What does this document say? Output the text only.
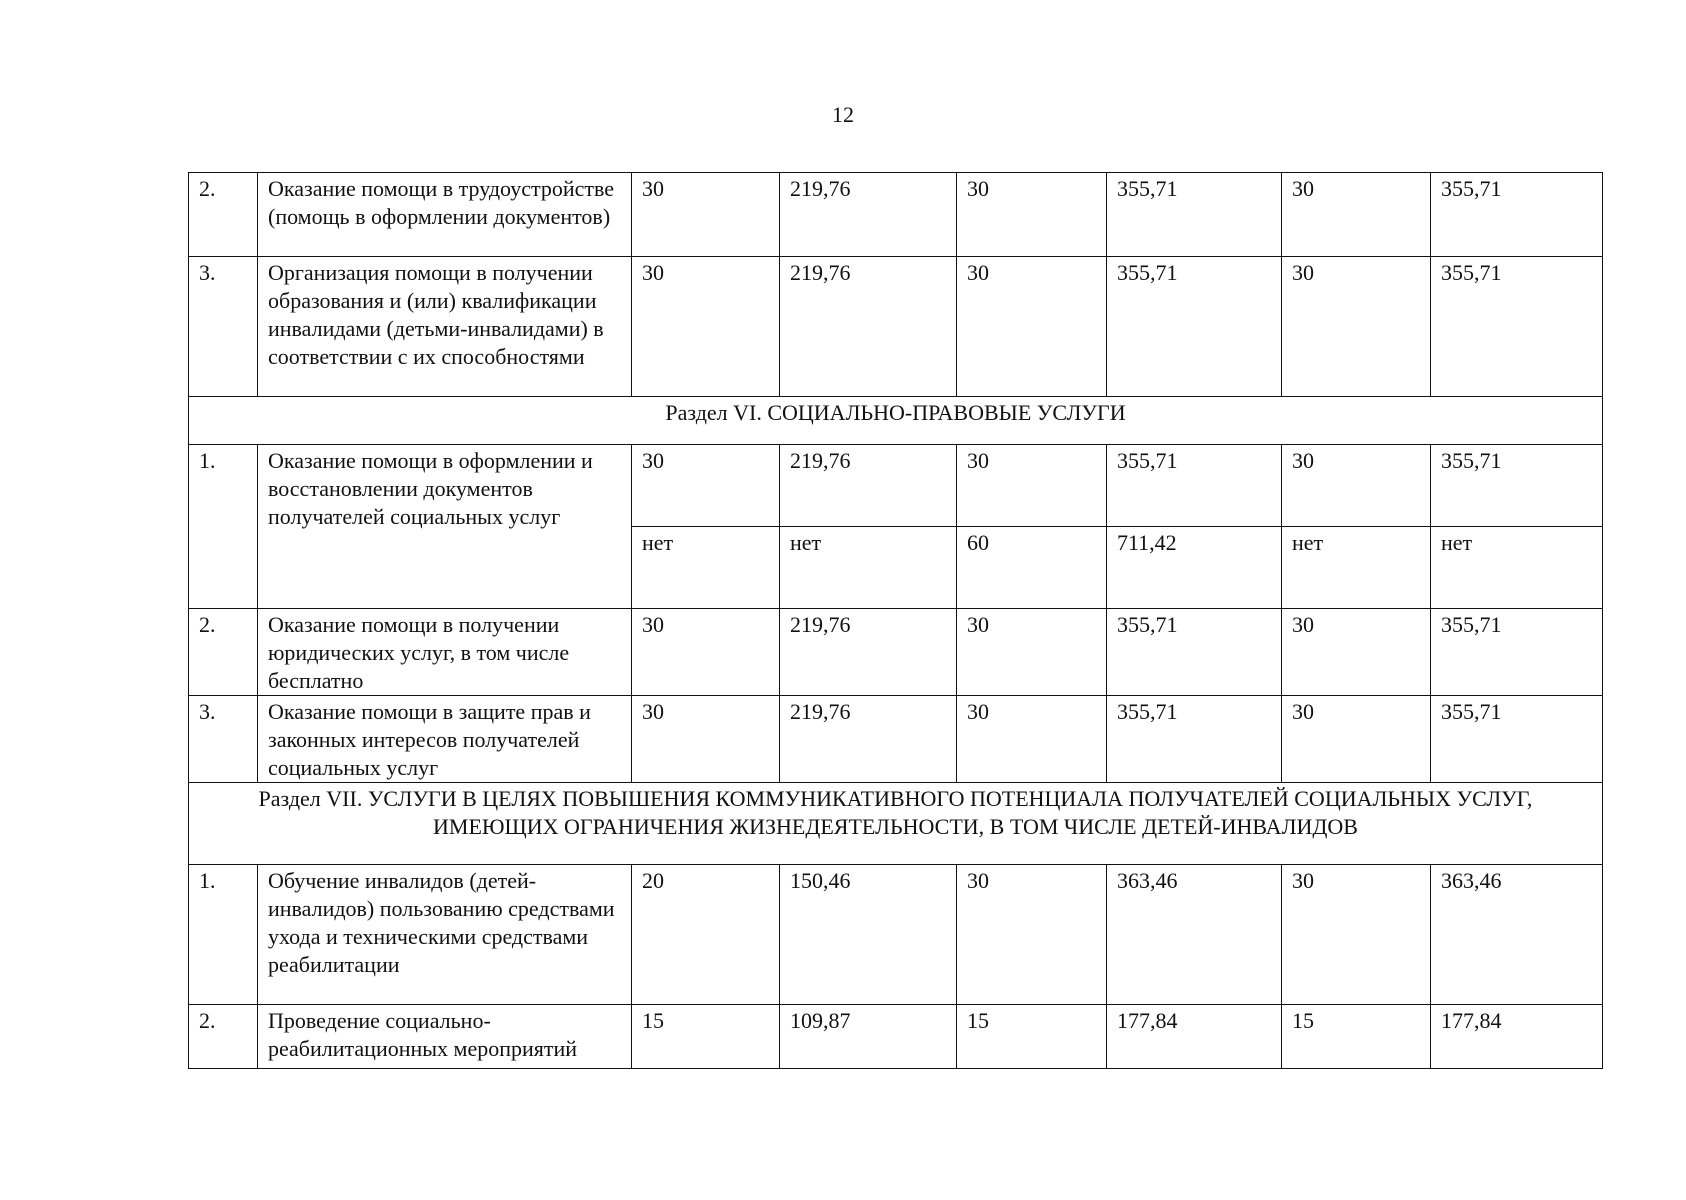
12
2.	Оказание помощи в трудоустройстве (помощь в оформлении документов)	30	219,76	30	355,71	30	355,71
3.	Организация помощи в получении образования и (или) квалификации инвалидами (детьми-инвалидами) в соответствии с их способностями	30	219,76	30	355,71	30	355,71
Раздел VI. СОЦИАЛЬНО-ПРАВОВЫЕ УСЛУГИ							
1.	Оказание помощи в оформлении и восстановлении документов получателей социальных услуг	30	219,76	30	355,71	30	355,71
		нет	нет	60	711,42	нет	нет
2.	Оказание помощи в получении юридических услуг, в том числе бесплатно	30	219,76	30	355,71	30	355,71
3.	Оказание помощи в защите прав и законных интересов получателей социальных услуг	30	219,76	30	355,71	30	355,71
Раздел VII. УСЛУГИ В ЦЕЛЯХ ПОВЫШЕНИЯ КОММУНИКАТИВНОГО ПОТЕНЦИАЛА ПОЛУЧАТЕЛЕЙ СОЦИАЛЬНЫХ УСЛУГ, ИМЕЮЩИХ ОГРАНИЧЕНИЯ ЖИЗНЕДЕЯТЕЛЬНОСТИ, В ТОМ ЧИСЛЕ ДЕТЕЙ-ИНВАЛИДОВ							
1.	Обучение инвалидов (детей-инвалидов) пользованию средствами ухода и техническими средствами реабилитации	20	150,46	30	363,46	30	363,46
2.	Проведение социально-реабилитационных мероприятий	15	109,87	15	177,84	15	177,84
